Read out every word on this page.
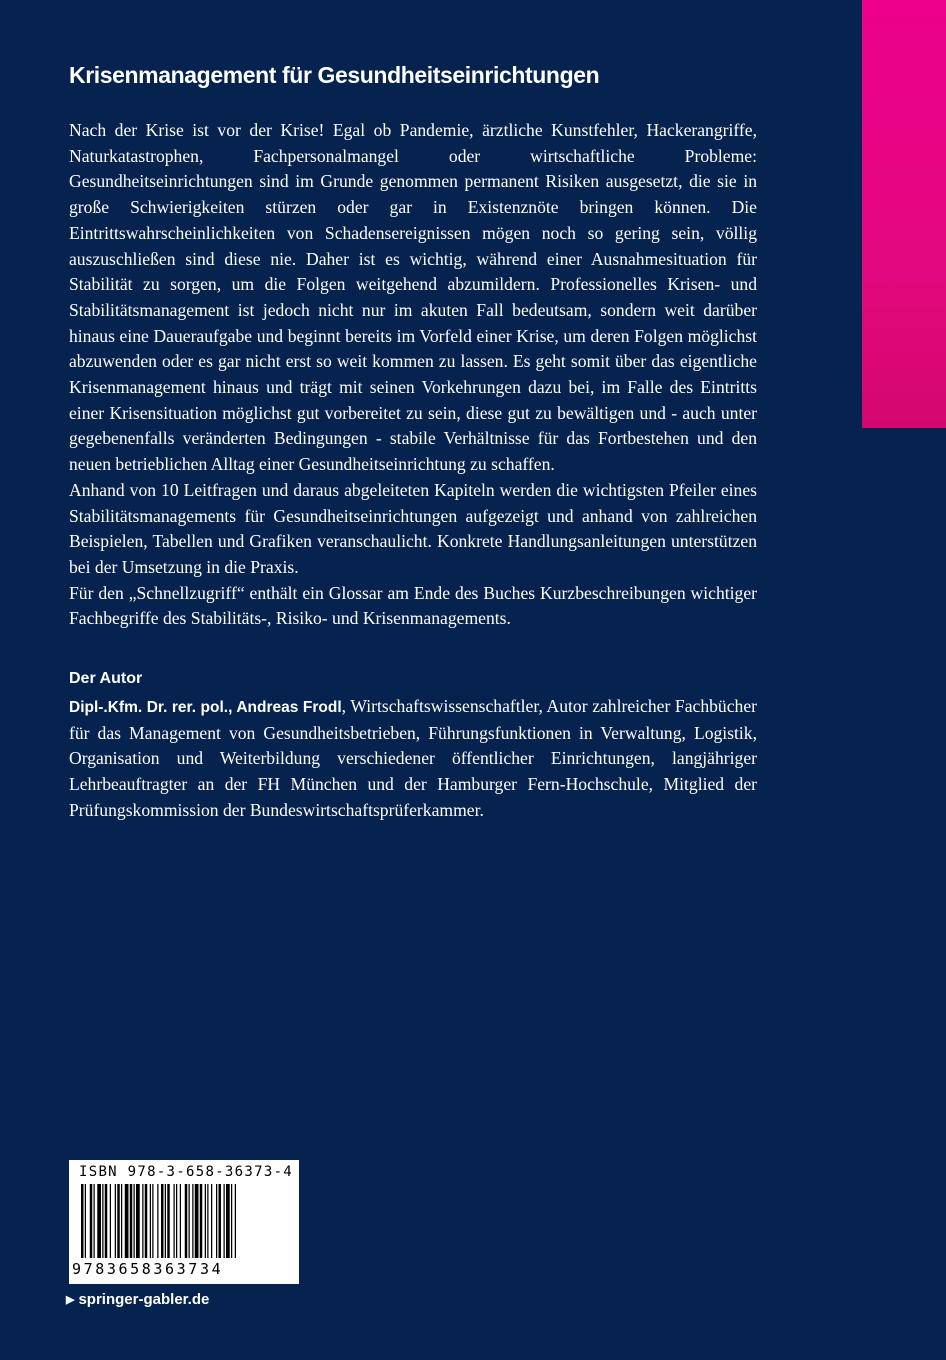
Krisenmanagement für Gesundheitseinrichtungen

Nach der Krise ist vor der Krise! Egal ob Pandemie, ärztliche Kunstfehler, Hackerangriffe, Naturkatastrophen, Fachpersonalmangel oder wirtschaftliche Probleme: Gesundheitseinrichtungen sind im Grunde genommen permanent Risiken ausgesetzt, die sie in große Schwierigkeiten stürzen oder gar in Existenznöte bringen können. Die Eintrittswahrscheinlichkeiten von Schadensereignissen mögen noch so gering sein, völlig auszuschließen sind diese nie. Daher ist es wichtig, während einer Ausnahmesituation für Stabilität zu sorgen, um die Folgen weitgehend abzumildern. Professionelles Krisen- und Stabilitätsmanagement ist jedoch nicht nur im akuten Fall bedeutsam, sondern weit darüber hinaus eine Daueraufgabe und beginnt bereits im Vorfeld einer Krise, um deren Folgen möglichst abzuwenden oder es gar nicht erst so weit kommen zu lassen. Es geht somit über das eigentliche Krisenmanagement hinaus und trägt mit seinen Vorkehrungen dazu bei, im Falle des Eintritts einer Krisensituation möglichst gut vorbereitet zu sein, diese gut zu bewältigen und - auch unter gegebenenfalls veränderten Bedingungen - stabile Verhältnisse für das Fortbestehen und den neuen betrieblichen Alltag einer Gesundheitseinrichtung zu schaffen.

Anhand von 10 Leitfragen und daraus abgeleiteten Kapiteln werden die wichtigsten Pfeiler eines Stabilitätsmanagements für Gesundheitseinrichtungen aufgezeigt und anhand von zahlreichen Beispielen, Tabellen und Grafiken veranschaulicht. Konkrete Handlungsanleitungen unterstützen bei der Umsetzung in die Praxis.

Für den „Schnellzugriff“ enthält ein Glossar am Ende des Buches Kurzbeschreibungen wichtiger Fachbegriffe des Stabilitäts-, Risiko- und Krisenmanagements.

Der Autor

Dipl-.Kfm. Dr. rer. pol., Andreas Frodl, Wirtschaftswissenschaftler, Autor zahlreicher Fachbücher für das Management von Gesundheitsbetrieben, Führungsfunktionen in Verwaltung, Logistik, Organisation und Weiterbildung verschiedener öffentlicher Einrichtungen, langjähriger Lehrbeauftragter an der FH München und der Hamburger Fern-Hochschule, Mitglied der Prüfungskommission der Bundeswirtschaftsprüferkammer.

ISBN 978-3-658-36373-4
9783658363734
▶ springer-gabler.de
